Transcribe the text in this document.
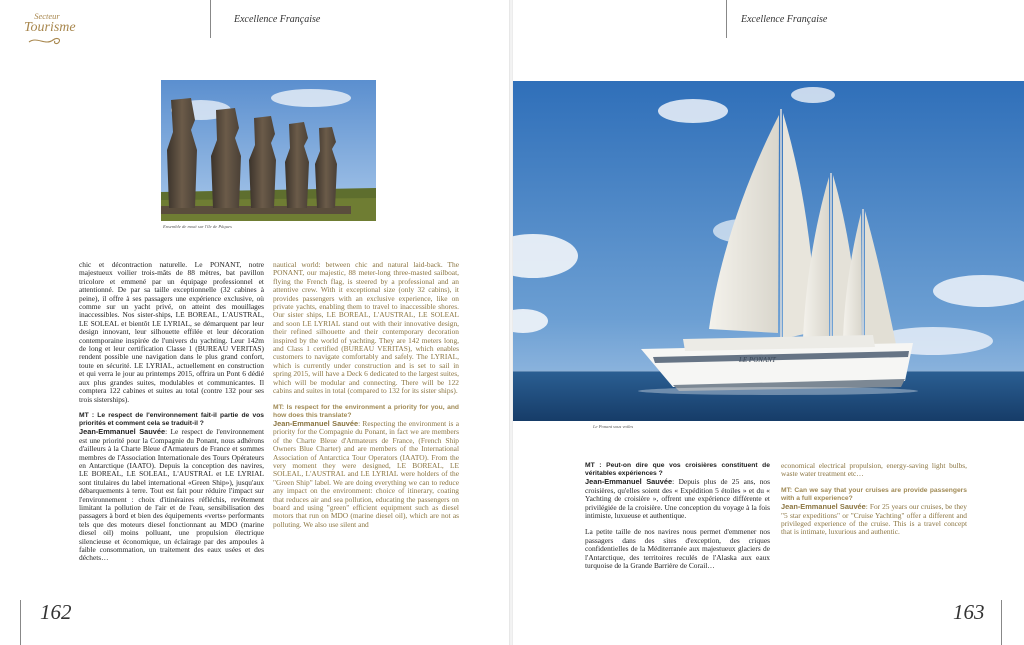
Secteur
Tourisme	Excellence Française
Ensemble de moaï sur l'île de Pâques

chic et décontraction naturelle. Le PONANT, notre majestueux voilier trois-mâts de 88 mètres, bat pavillon tricolore et emmené par un équipage professionnel et attentionné. De par sa taille exceptionnelle (32 cabines à peine), il offre à ses passagers une expérience exclusive, où comme sur un yacht privé, on atteint des mouillages inaccessibles. Nos sister-ships, LE BOREAL, L'AUSTRAL, LE SOLEAL et bientôt LE LYRIAL, se démarquent par leur design innovant, leur silhouette effilée et leur décoration contemporaine inspirée de l'univers du yachting. Leur 142m de long et leur certification Classe 1 (BUREAU VERITAS) rendent possible une navigation dans le plus grand confort, toute en sécurité. LE LYRIAL, actuellement en construction et qui verra le jour au printemps 2015, offrira un Pont 6 dédié aux plus grandes suites, modulables et communicantes. Il comptera 122 cabines et suites au total (contre 132 pour ses trois sisterships).

MT : Le respect de l'environnement fait-il partie de vos priorités et comment cela se traduit-il ?

Jean-Emmanuel Sauvée: Le respect de l'environnement est une priorité pour la Compagnie du Ponant, nous adhérons d'ailleurs à la Charte Bleue d'Armateurs de France et sommes membres de l'Association Internationale des Tours Opérateurs en Antarctique (IAATO). Depuis la conception des navires, LE BOREAL, LE SOLEAL, L'AUSTRAL et LE LYRIAL sont titulaires du label international «Green Ship»), jusqu'aux débarquements à terre. Tout est fait pour réduire l'impact sur l'environnement : choix d'itinéraires réfléchis, revêtement limitant la pollution de l'air et de l'eau, sensibilisation des passagers à bord et bien des équipements «verts» performants tels que des moteurs diesel fonctionnant au MDO (marine diesel oil) moins polluant, une propulsion électrique silencieuse et économique, un éclairage par des ampoules à faible consommation, un traitement des eaux usées et des déchets…

nautical world: between chic and natural laid-back. The PONANT, our majestic, 88 meter-long three-masted sailboat, flying the French flag, is steered by a professional and an attentive crew. With it exceptional size (only 32 cabins), it provides passengers with an exclusive experience, like on private yachts, enabling them to travel to inaccessible shores. Our sister ships, LE BOREAL, L'AUSTRAL, LE SOLEAL and soon LE LYRIAL stand out with their innovative design, their refined silhouette and their contemporary decoration inspired by the world of yachting. They are 142 meters long, and Class 1 certified (BUREAU VERITAS), which enables customers to navigate comfortably and safely. The LYRIAL, which is currently under construction and is set to sail in spring 2015, will have a Deck 6 dedicated to the largest suites, which will be modular and connecting. There will be 122 cabins and suites in total (compared to 132 for its sister ships).

MT: Is respect for the environment a priority for you, and how does this translate?

Jean-Emmanuel Sauvée: Respecting the environment is a priority for the Compagnie du Ponant, in fact we are members of the Charte Bleue d'Armateurs de France, (French Ship Owners Blue Charter) and are members of the International Association of Antarctica Tour Operators (IAATO). From the very moment they were designed, LE BOREAL, LE SOLEAL, L'AUSTRAL and LE LYRIAL were holders of the "Green Ship" label. We are doing everything we can to reduce any impact on the environment: choice of itinerary, coating that reduces air and sea pollution, educating the passengers on board and using "green" efficient equipment such as diesel motors that run on MDO (marine diesel oil), which are not as polluting. We also use silent and

162
Excellence Française
LE PONANT
Le Ponant sous voiles
MT : Peut-on dire que vos croisières constituent de véritables expériences ?

Jean-Emmanuel Sauvée: Depuis plus de 25 ans, nos croisières, qu'elles soient des « Expédition 5 étoiles » et du « Yachting de croisière », offrent une expérience différente et privilégiée de la croisière. Une conception du voyage à la fois intimiste, luxueuse et authentique.

La petite taille de nos navires nous permet d'emmener nos passagers dans des sites d'exception, des criques confidentielles de la Méditerranée aux majestueux glaciers de l'Antarctique, des territoires reculés de l'Alaska aux eaux turquoise de la Grande Barrière de Corail…

economical electrical propulsion, energy-saving light bulbs, waste water treatment etc…

MT: Can we say that your cruises are provide passengers with a full experience?

Jean-Emmanuel Sauvée: For 25 years our cruises, be they "5 star expeditions" or "Cruise Yachting" offer a different and privileged experience of the cruise. This is a travel concept that is intimate, luxurious and authentic.

163
